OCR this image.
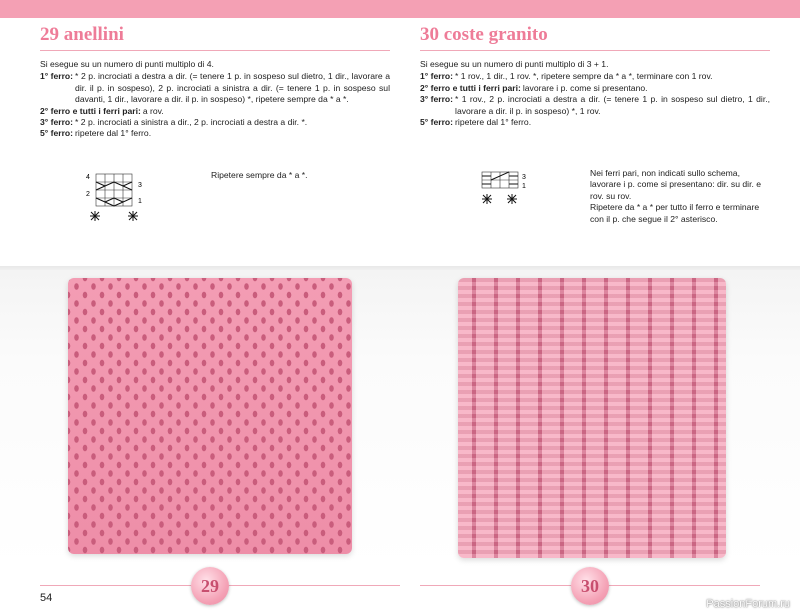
29 anellini

Si esegue su un numero di punti multiplo di 4.

1° ferro: * 2 p. incrociati a destra a dir. (= tenere 1 p. in sospeso sul dietro, 1 dir., lavorare a dir. il p. in sospeso), 2 p. incrociati a sinistra a dir. (= tenere 1 p. in sospeso sul davanti, 1 dir., lavorare a dir. il p. in sospeso) *, ripetere sempre da * a *.
2° ferro e tutti i ferri pari: a rov.
3° ferro: * 2 p. incrociati a sinistra a dir., 2 p. incrociati a destra a dir. *.
5° ferro: ripetere dal 1° ferro.
4
2
3
1
Ripetere sempre da * a *.
30 coste granito

Si esegue su un numero di punti multiplo di 3 + 1.

1° ferro: * 1 rov., 1 dir., 1 rov. *, ripetere sempre da * a *, terminare con 1 rov.
2° ferro e tutti i ferri pari: lavorare i p. come si presentano.
3° ferro: * 1 rov., 2 p. incrociati a destra a dir. (= tenere 1 p. in sospeso sul dietro, 1 dir., lavorare a dir. il p. in sospeso) *, 1 rov.
5° ferro: ripetere dal 1° ferro.
3
1
Nei ferri pari, non indicati sullo schema, lavorare i p. come si presentano: dir. su dir. e rov. su rov.
Ripetere da * a * per tutto il ferro e terminare con il p. che segue il 2° asterisco.
29	30
54	PassionForum.ru
